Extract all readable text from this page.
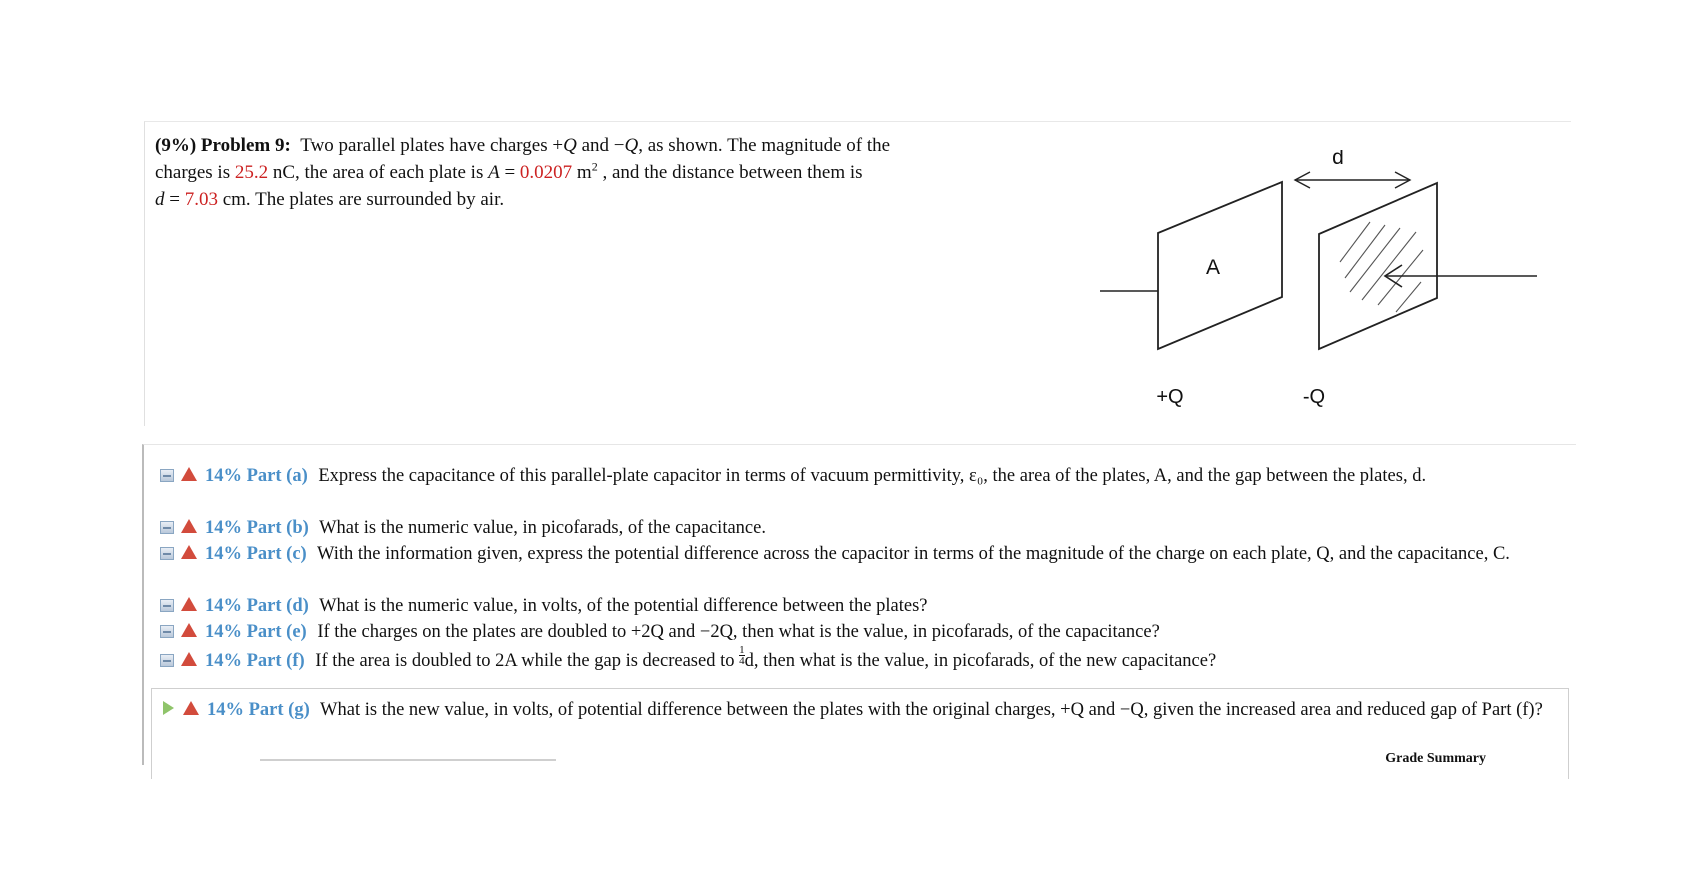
(9%) Problem 9: Two parallel plates have charges +Q and −Q, as shown. The magnitude of the
charges is 25.2 nC, the area of each plate is A = 0.0207 $m^2$ , and the distance between them is
d = 7.03 cm. The plates are surrounded by air.
A
d
+Q	-Q
14% Part (a) Express the capacitance of this parallel-plate capacitor in terms of vacuum permittivity, ε₀, the area of the plates, A, and the gap between the plates, d.
14% Part (b) What is the numeric value, in picofarads, of the capacitance.
14% Part (c) With the information given, express the potential difference across the capacitor in terms of the magnitude of the charge on each plate, Q, and the capacitance, C.
14% Part (d) What is the numeric value, in volts, of the potential difference between the plates?
14% Part (e) If the charges on the plates are doubled to +2Q and −2Q, then what is the value, in picofarads, of the capacitance?
14% Part (f) If the area is doubled to 2A while the gap is decreased to $\frac{1}{4} d$, then what is the value, in picofarads, of the new capacitance?
14% Part (g) What is the new value, in volts, of potential difference between the plates with the original charges, +Q and −Q, given the increased area and reduced gap of Part (f)?
Grade Summary
